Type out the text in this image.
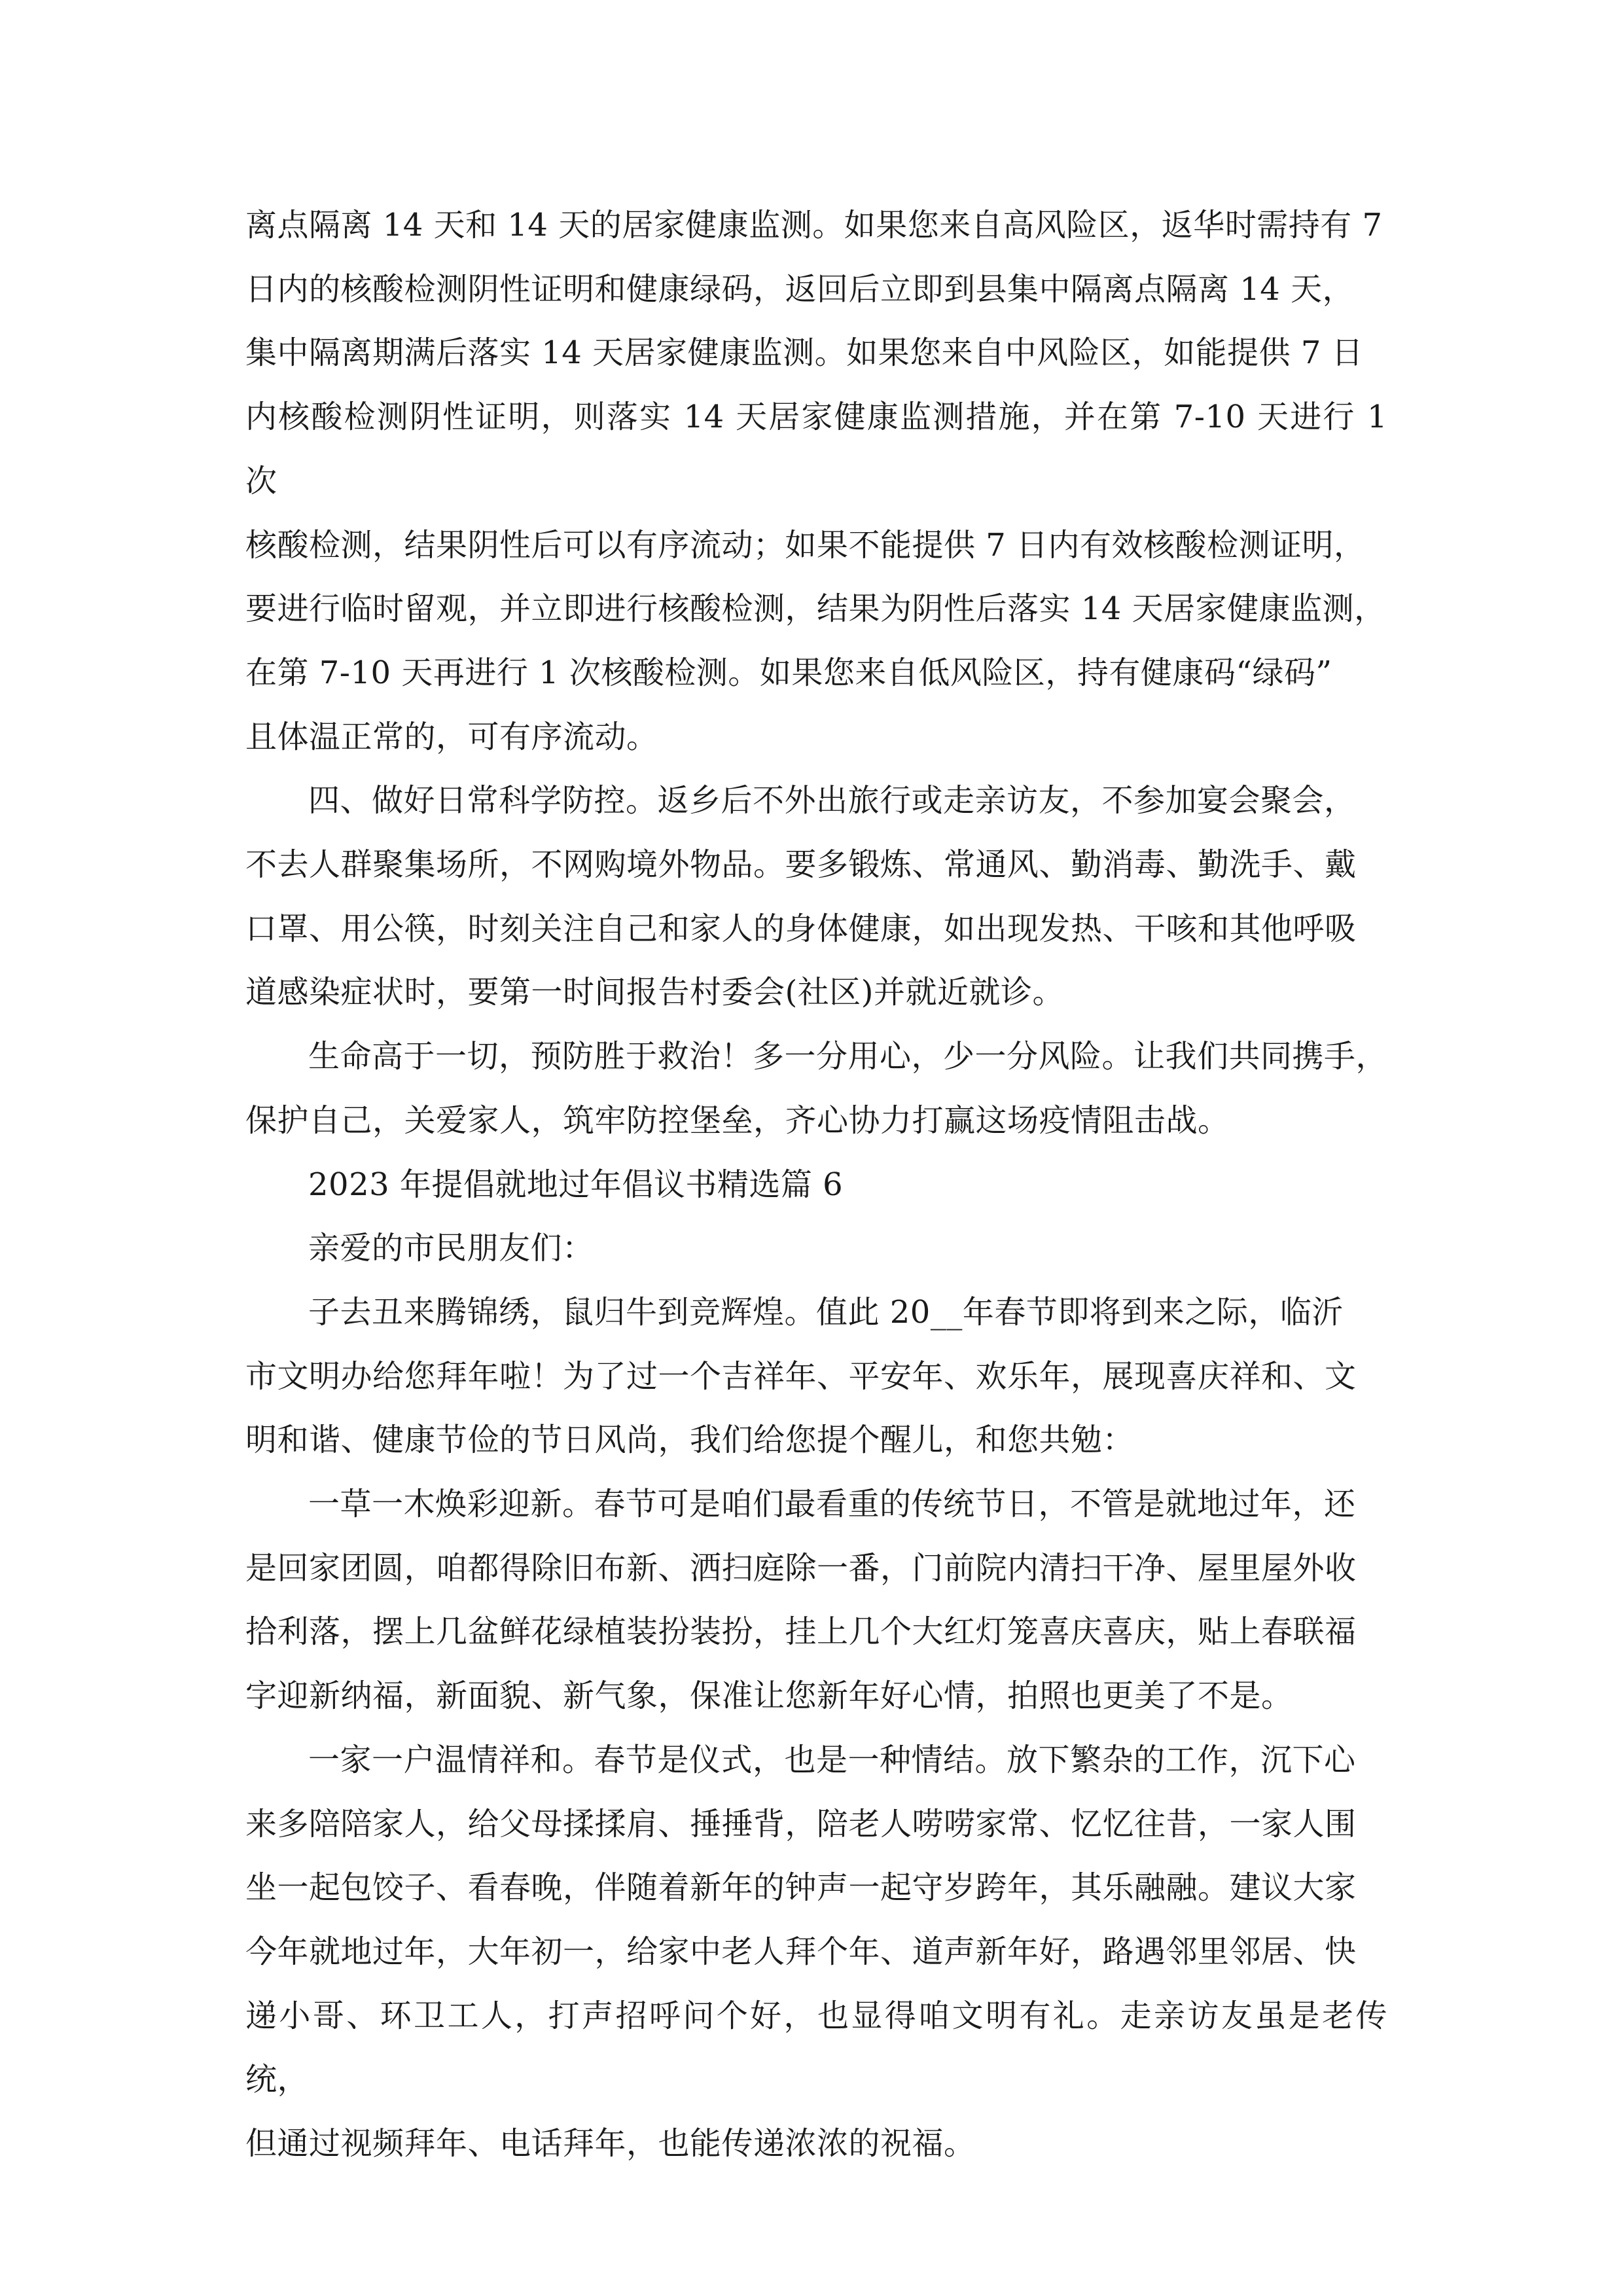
离点隔离 14 天和 14 天的居家健康监测。如果您来自高风险区，返华时需持有 7
日内的核酸检测阴性证明和健康绿码，返回后立即到县集中隔离点隔离 14 天，
集中隔离期满后落实 14 天居家健康监测。如果您来自中风险区，如能提供 7 日
内核酸检测阴性证明，则落实 14 天居家健康监测措施，并在第 7-10 天进行 1 次
核酸检测，结果阴性后可以有序流动；如果不能提供 7 日内有效核酸检测证明，
要进行临时留观，并立即进行核酸检测，结果为阴性后落实 14 天居家健康监测，
在第 7-10 天再进行 1 次核酸检测。如果您来自低风险区，持有健康码“绿码”
且体温正常的，可有序流动。

四、做好日常科学防控。返乡后不外出旅行或走亲访友，不参加宴会聚会，

不去人群聚集场所，不网购境外物品。要多锻炼、常通风、勤消毒、勤洗手、戴
口罩、用公筷，时刻关注自己和家人的身体健康，如出现发热、干咳和其他呼吸
道感染症状时，要第一时间报告村委会(社区)并就近就诊。

生命高于一切，预防胜于救治！多一分用心，少一分风险。让我们共同携手，

保护自己，关爱家人，筑牢防控堡垒，齐心协力打赢这场疫情阻击战。

2023 年提倡就地过年倡议书精选篇 6

亲爱的市民朋友们：

子去丑来腾锦绣，鼠归牛到竞辉煌。值此 20__年春节即将到来之际，临沂

市文明办给您拜年啦！为了过一个吉祥年、平安年、欢乐年，展现喜庆祥和、文
明和谐、健康节俭的节日风尚，我们给您提个醒儿，和您共勉：

一草一木焕彩迎新。春节可是咱们最看重的传统节日，不管是就地过年，还

是回家团圆，咱都得除旧布新、洒扫庭除一番，门前院内清扫干净、屋里屋外收
拾利落，摆上几盆鲜花绿植装扮装扮，挂上几个大红灯笼喜庆喜庆，贴上春联福
字迎新纳福，新面貌、新气象，保准让您新年好心情，拍照也更美了不是。

一家一户温情祥和。春节是仪式，也是一种情结。放下繁杂的工作，沉下心

来多陪陪家人，给父母揉揉肩、捶捶背，陪老人唠唠家常、忆忆往昔，一家人围
坐一起包饺子、看春晚，伴随着新年的钟声一起守岁跨年，其乐融融。建议大家
今年就地过年，大年初一，给家中老人拜个年、道声新年好，路遇邻里邻居、快
递小哥、环卫工人，打声招呼问个好，也显得咱文明有礼。走亲访友虽是老传统，
但通过视频拜年、电话拜年，也能传递浓浓的祝福。
